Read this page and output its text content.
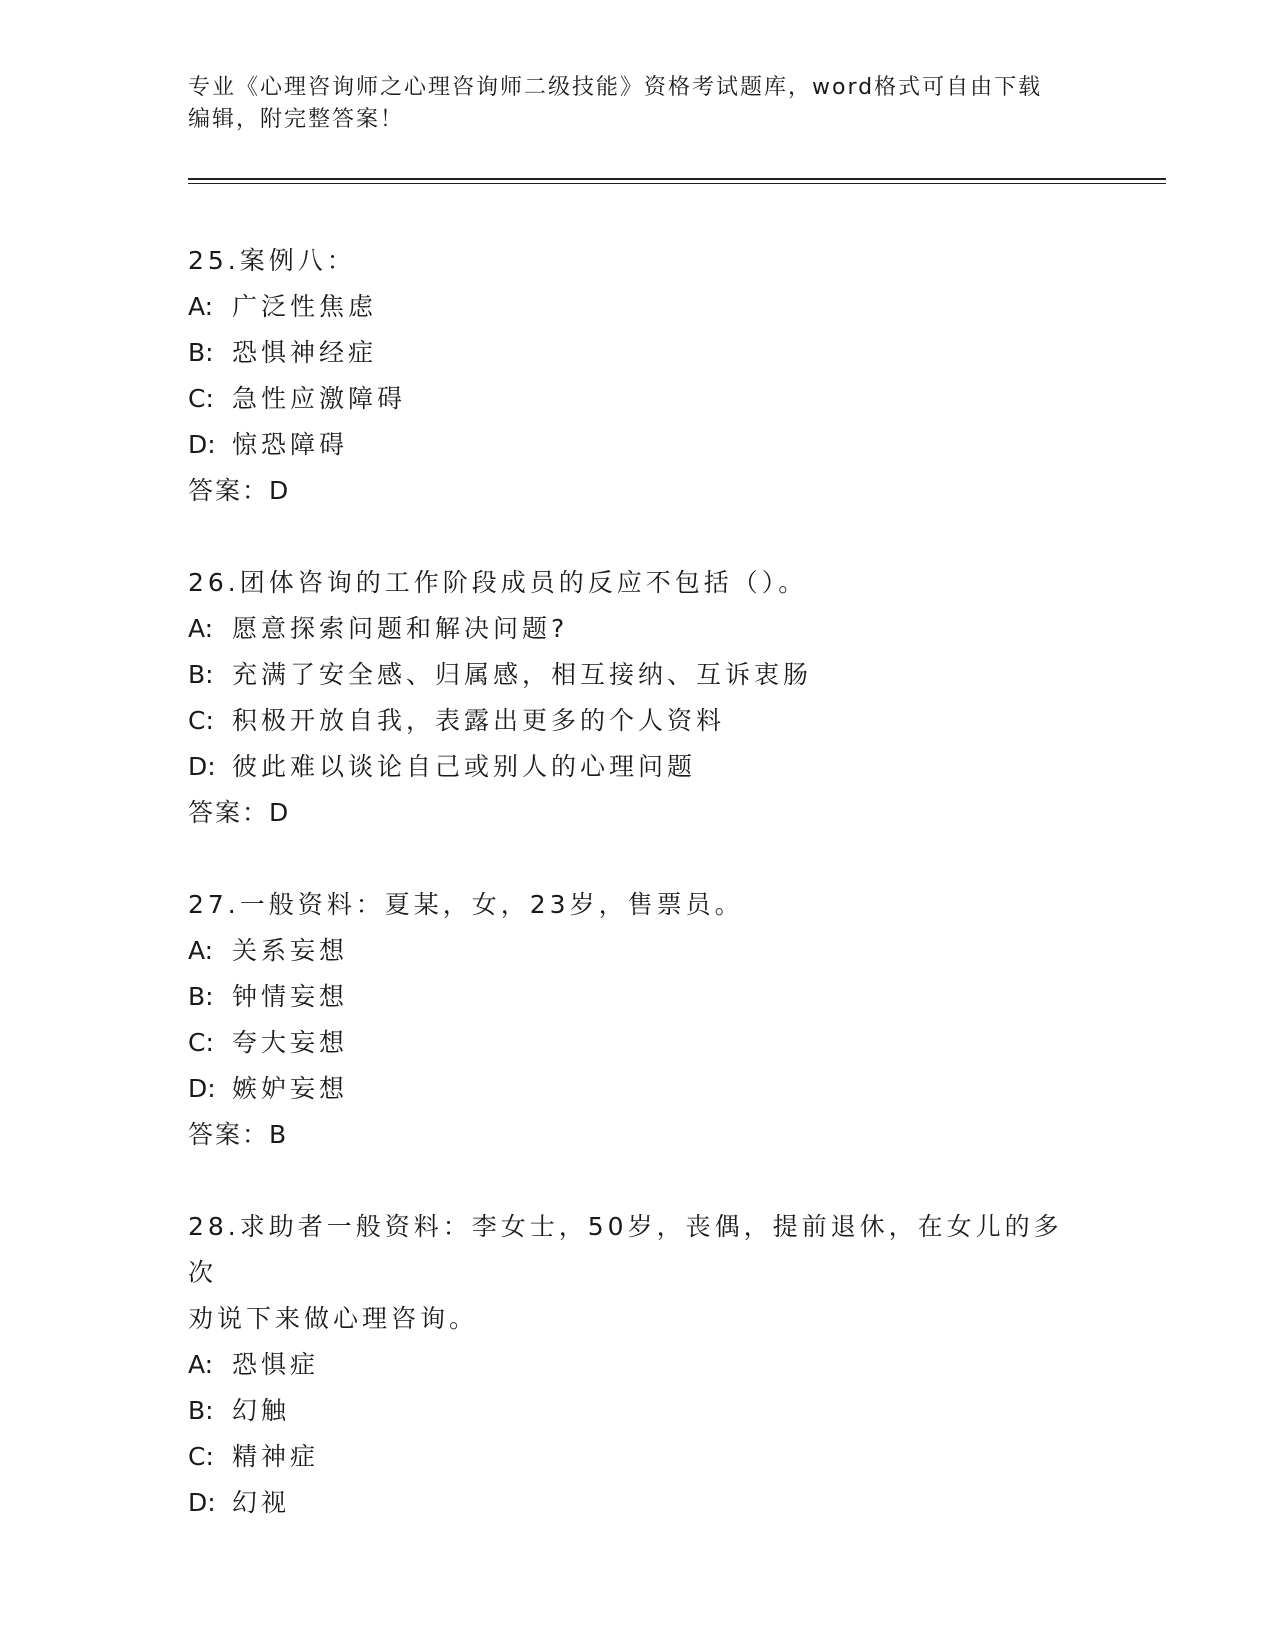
专业《心理咨询师之心理咨询师二级技能》资格考试题库，word格式可自由下载
编辑，附完整答案！
25.案例八：
A: 广泛性焦虑
B: 恐惧神经症
C: 急性应激障碍
D: 惊恐障碍
答案：D
26.团体咨询的工作阶段成员的反应不包括（）。
A: 愿意探索问题和解决问题?
B: 充满了安全感、归属感，相互接纳、互诉衷肠
C: 积极开放自我，表露出更多的个人资料
D: 彼此难以谈论自己或别人的心理问题
答案：D
27.一般资料：夏某，女，23岁，售票员。
A: 关系妄想
B: 钟情妄想
C: 夸大妄想
D: 嫉妒妄想
答案：B
28.求助者一般资料：李女士，50岁，丧偶，提前退休，在女儿的多次
劝说下来做心理咨询。
A: 恐惧症
B: 幻触
C: 精神症
D: 幻视
